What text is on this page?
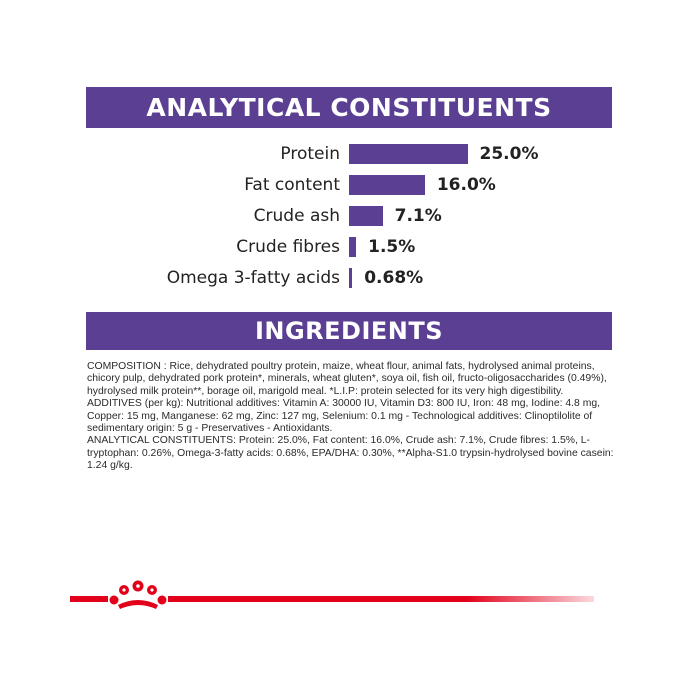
ANALYTICAL CONSTITUENTS
Protein	25.0%
Fat content	16.0%
Crude ash	7.1%
Crude fibres 1.5%
Omega 3-fatty acids 0.68%
INGREDIENTS

COMPOSITION : Rice, dehydrated poultry protein, maize, wheat flour, animal fats, hydrolysed animal proteins, chicory pulp, dehydrated pork protein*, minerals, wheat gluten*, soya oil, fish oil, fructo-oligosaccharides (0.49%), hydrolysed milk protein**, borage oil, marigold meal. *L.I.P: protein selected for its very high digestibility.

ADDITIVES (per kg): Nutritional additives: Vitamin A: 30000 IU, Vitamin D3: 800 IU, Iron: 48 mg, Iodine: 4.8 mg, Copper: 15 mg, Manganese: 62 mg, Zinc: 127 mg, Selenium: 0.1 mg - Technological additives: Clinoptilolite of sedimentary origin: 5 g - Preservatives - Antioxidants.

ANALYTICAL CONSTITUENTS: Protein: 25.0%, Fat content: 16.0%, Crude ash: 7.1%, Crude fibres: 1.5%, L-tryptophan: 0.26%, Omega-3-fatty acids: 0.68%, EPA/DHA: 0.30%, **Alpha-S1.0 trypsin-hydrolysed bovine casein: 1.24 g/kg.
